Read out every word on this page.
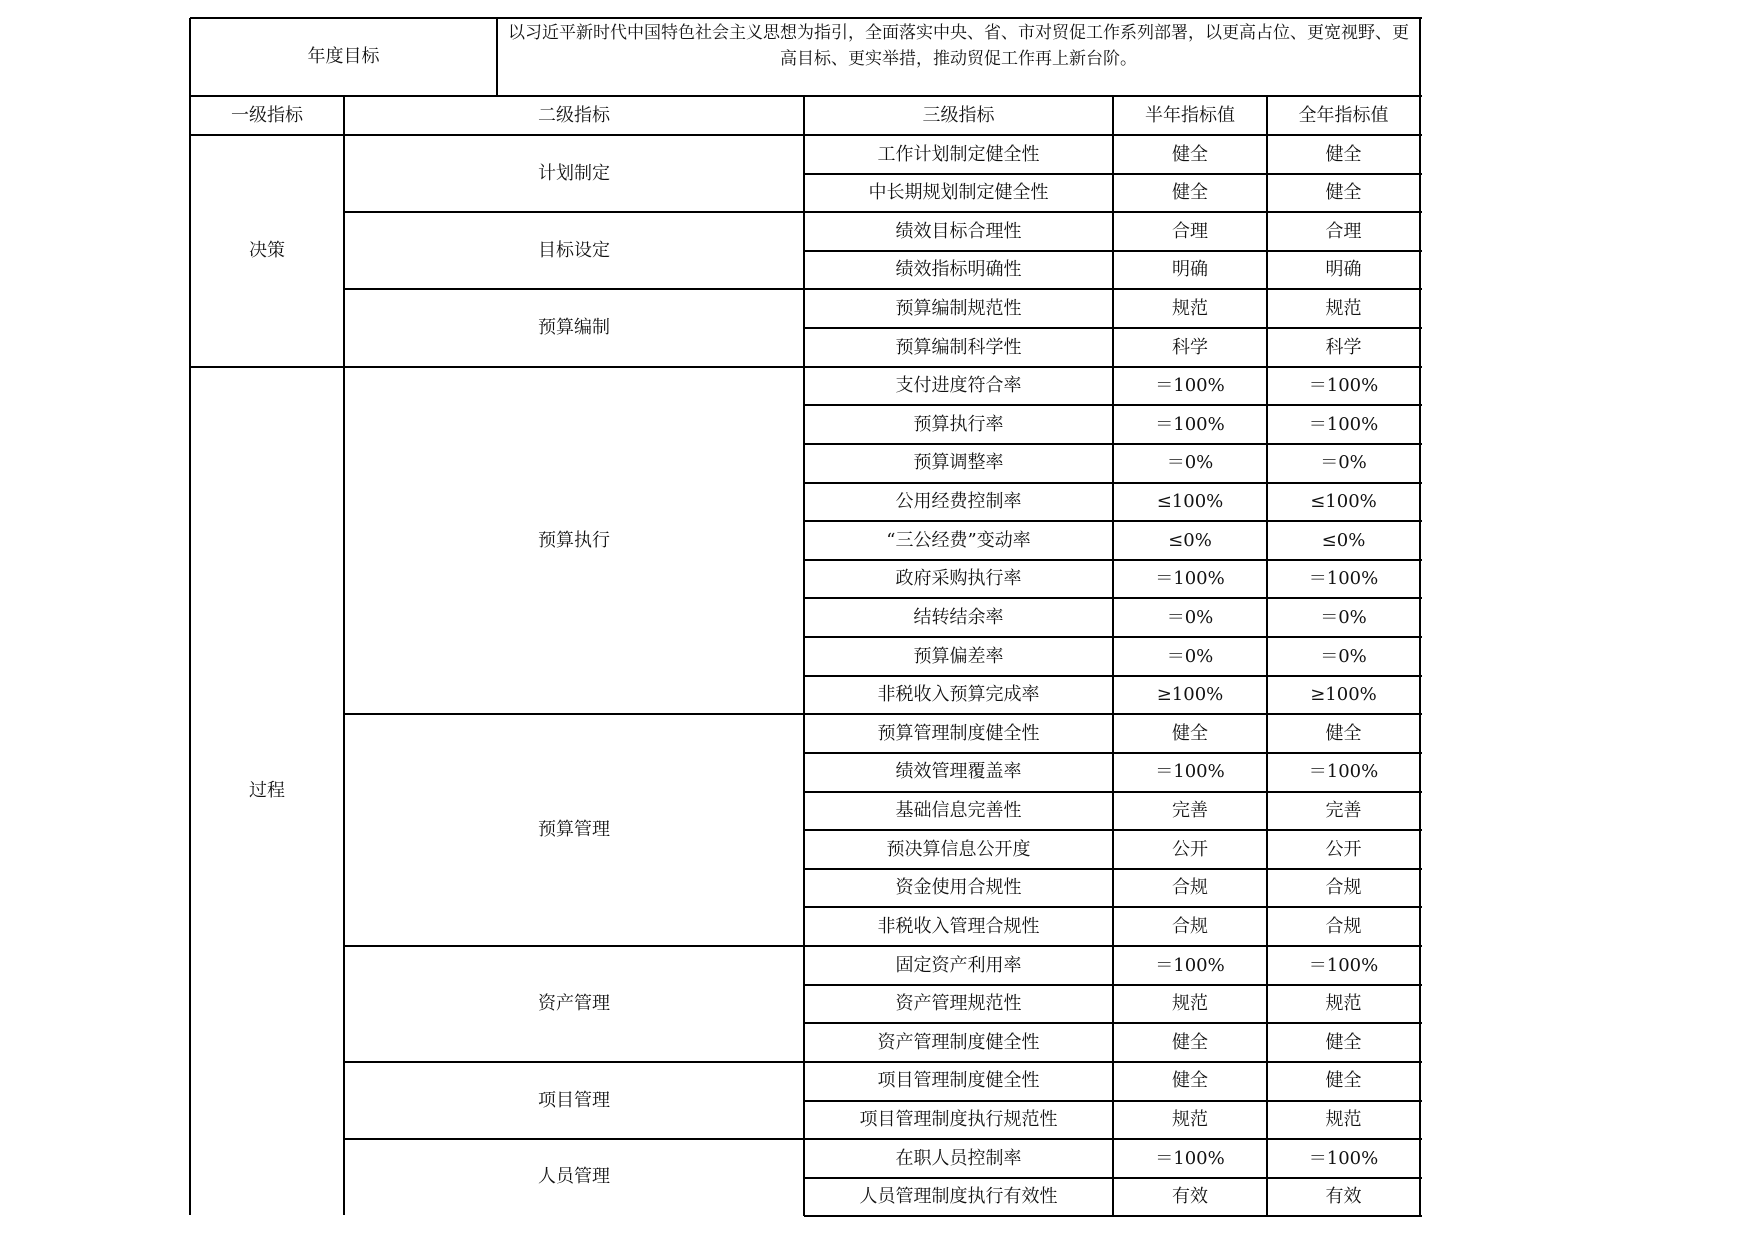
年度目标
以习近平新时代中国特色社会主义思想为指引，全面落实中央、省、市对贸促工作系列部署，以更高占位、更宽视野、更高目标、更实举措，推动贸促工作再上新台阶。
一级指标	二级指标	三级指标	半年指标值	全年指标值
决策
计划制定
工作计划制定健全性	健全	健全
中长期规划制定健全性	健全	健全
目标设定
绩效目标合理性	合理	合理
绩效指标明确性	明确	明确
预算编制
预算编制规范性	规范	规范
预算编制科学性	科学	科学
过程
预算执行
支付进度符合率	＝100%	＝100%
预算执行率	＝100%	＝100%
预算调整率	＝0%	＝0%
公用经费控制率	≤100%	≤100%
“三公经费”变动率	≤0%	≤0%
政府采购执行率	＝100%	＝100%
结转结余率	＝0%	＝0%
预算偏差率	＝0%	＝0%
非税收入预算完成率	≥100%	≥100%
预算管理
预算管理制度健全性	健全	健全
绩效管理覆盖率	＝100%	＝100%
基础信息完善性	完善	完善
预决算信息公开度	公开	公开
资金使用合规性	合规	合规
非税收入管理合规性	合规	合规
资产管理
固定资产利用率	＝100%	＝100%
资产管理规范性	规范	规范
资产管理制度健全性	健全	健全
项目管理
项目管理制度健全性	健全	健全
项目管理制度执行规范性	规范	规范
人员管理
在职人员控制率	＝100%	＝100%
人员管理制度执行有效性	有效	有效
